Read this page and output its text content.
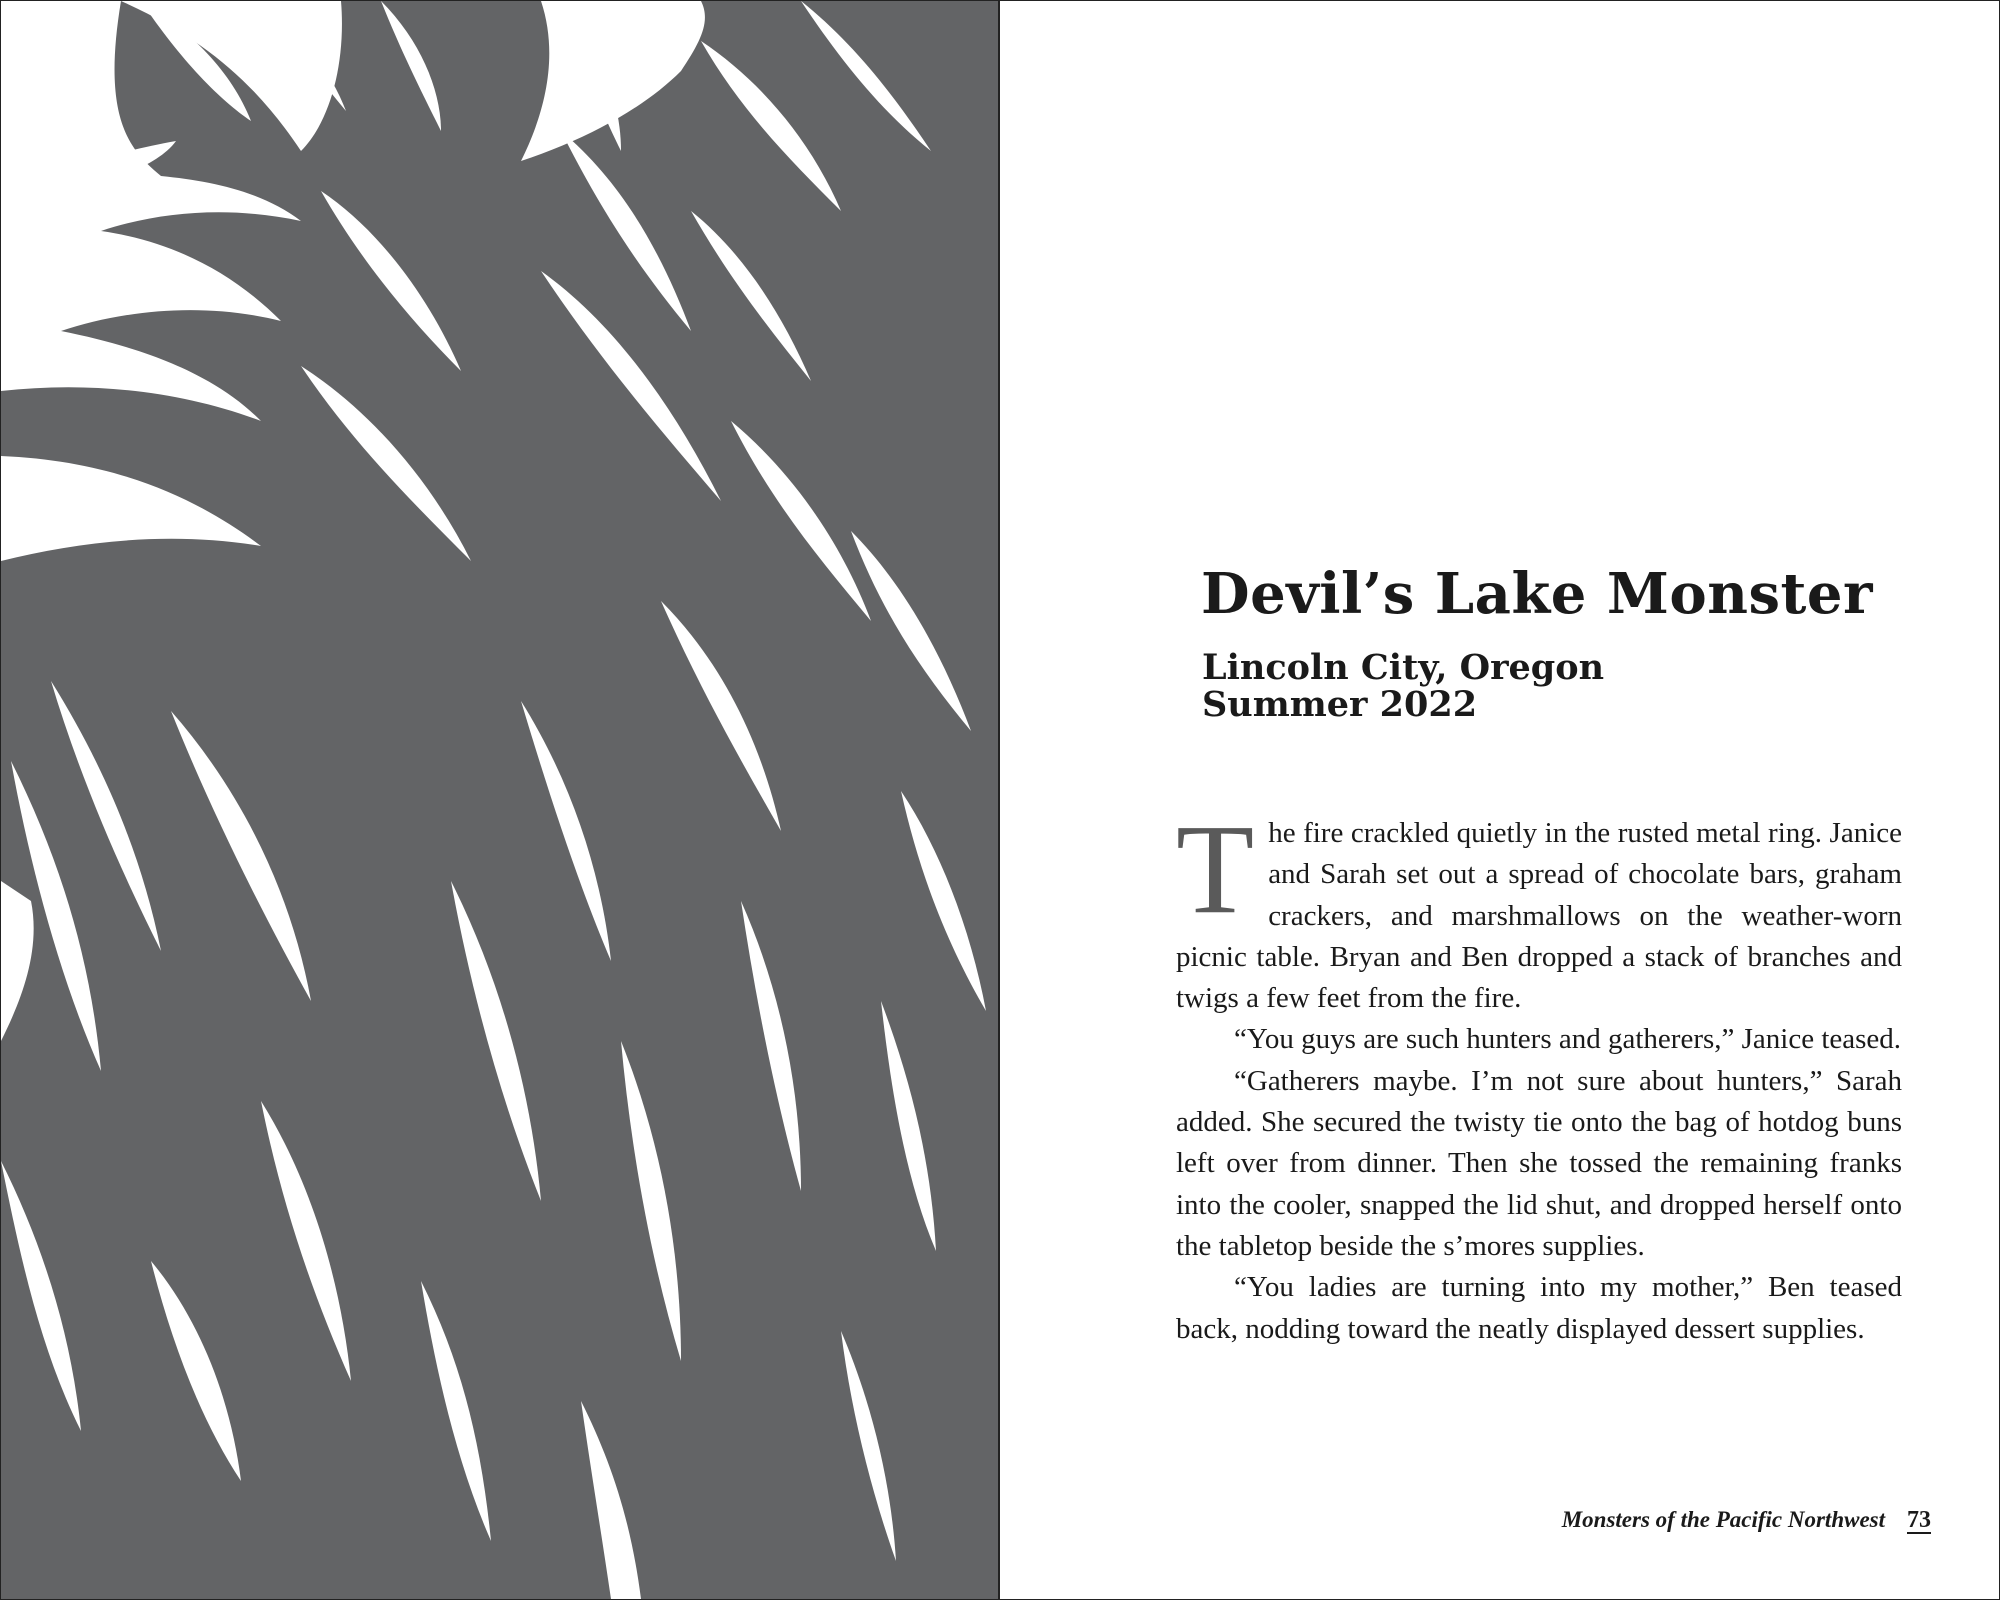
Devil’s Lake Monster
Lincoln City, Oregon
Summer 2022

The fire crackled quietly in the rusted metal ring. Janice and Sarah set out a spread of chocolate bars, graham crackers, and marshmallows on the weather-worn picnic table. Bryan and Ben dropped a stack of branches and twigs a few feet from the fire.

“You guys are such hunters and gatherers,” Janice teased.

“Gatherers maybe. I’m not sure about hunters,” Sarah added. She secured the twisty tie onto the bag of hotdog buns left over from dinner. Then she tossed the remaining franks into the cooler, snapped the lid shut, and dropped herself onto the tabletop beside the s’mores supplies.

“You ladies are turning into my mother,” Ben teased back, nodding toward the neatly displayed dessert supplies.

Monsters of the Pacific Northwest 73
